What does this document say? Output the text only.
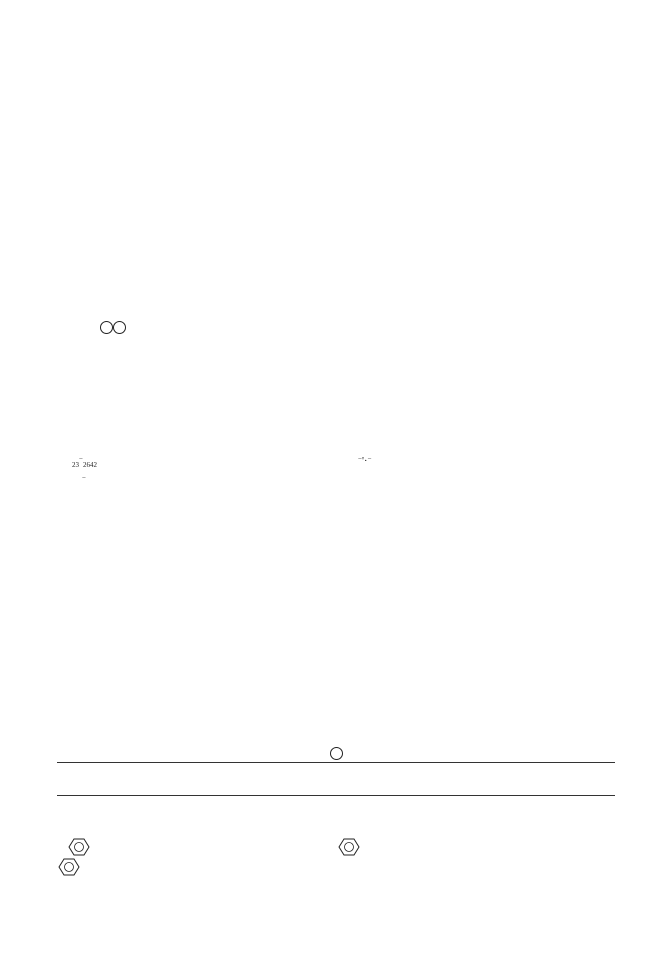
$_{23}$−$_{2642}$
−
−'·−
